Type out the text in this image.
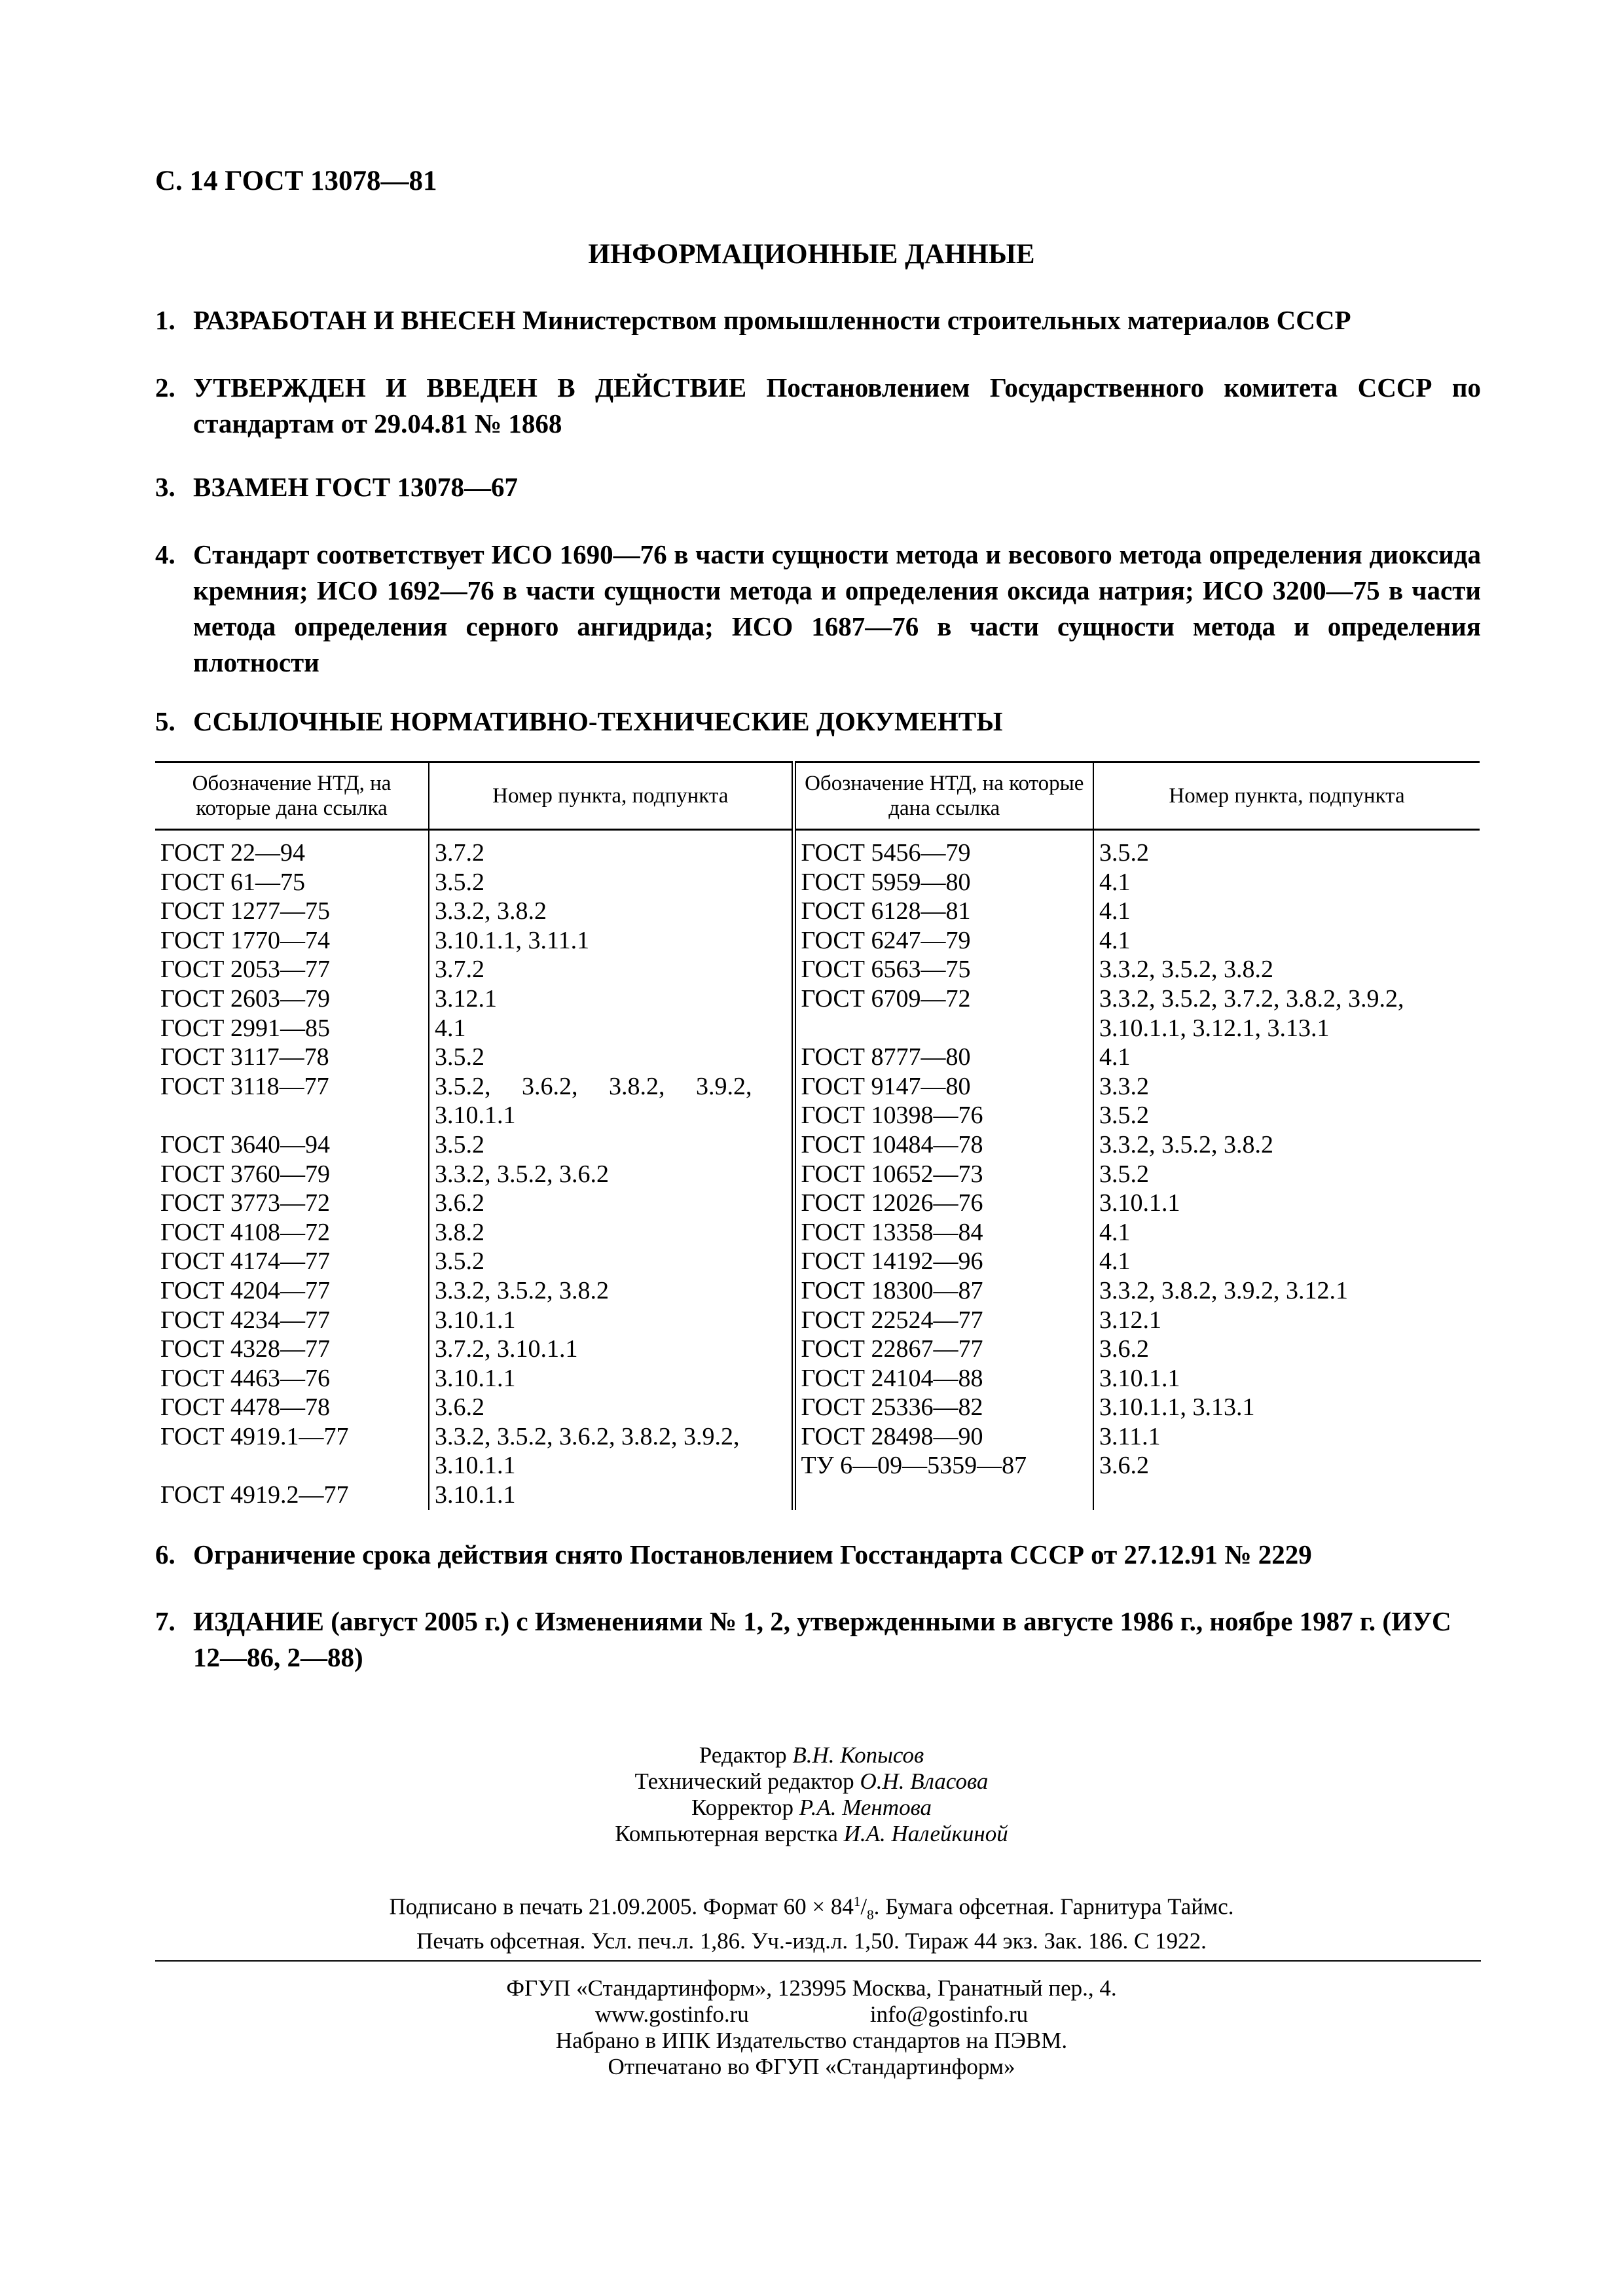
С. 14 ГОСТ 13078—81
ИНФОРМАЦИОННЫЕ ДАННЫЕ
1. РАЗРАБОТАН И ВНЕСЕН Министерством промышленности строительных материалов СССР
2. УТВЕРЖДЕН И ВВЕДЕН В ДЕЙСТВИЕ Постановлением Государственного комитета СССР по стандартам от 29.04.81 № 1868
3. ВЗАМЕН ГОСТ 13078—67
4. Стандарт соответствует ИСО 1690—76 в части сущности метода и весового метода определения диоксида кремния; ИСО 1692—76 в части сущности метода и определения оксида натрия; ИСО 3200—75 в части метода определения серного ангидрида; ИСО 1687—76 в части сущности метода и определения плотности
5. ССЫЛОЧНЫЕ НОРМАТИВНО-ТЕХНИЧЕСКИЕ ДОКУМЕНТЫ
Обозначение НТД, на которые дана ссылка	Номер пункта, подпункта	Обозначение НТД, на которые дана ссылка	Номер пункта, подпункта
ГОСТ 22—94	3.7.2	ГОСТ 5456—79	3.5.2
ГОСТ 61—75	3.5.2	ГОСТ 5959—80	4.1
ГОСТ 1277—75	3.3.2, 3.8.2	ГОСТ 6128—81	4.1
ГОСТ 1770—74	3.10.1.1, 3.11.1	ГОСТ 6247—79	4.1
ГОСТ 2053—77	3.7.2	ГОСТ 6563—75	3.3.2, 3.5.2, 3.8.2
ГОСТ 2603—79	3.12.1	ГОСТ 6709—72	3.3.2, 3.5.2, 3.7.2, 3.8.2, 3.9.2,
ГОСТ 2991—85	4.1		3.10.1.1, 3.12.1, 3.13.1
ГОСТ 3117—78	3.5.2	ГОСТ 8777—80	4.1
ГОСТ 3118—77	3.5.2,     3.6.2,     3.8.2,     3.9.2,	ГОСТ 9147—80	3.3.2
	3.10.1.1	ГОСТ 10398—76	3.5.2
ГОСТ 3640—94	3.5.2	ГОСТ 10484—78	3.3.2, 3.5.2, 3.8.2
ГОСТ 3760—79	3.3.2, 3.5.2, 3.6.2	ГОСТ 10652—73	3.5.2
ГОСТ 3773—72	3.6.2	ГОСТ 12026—76	3.10.1.1
ГОСТ 4108—72	3.8.2	ГОСТ 13358—84	4.1
ГОСТ 4174—77	3.5.2	ГОСТ 14192—96	4.1
ГОСТ 4204—77	3.3.2, 3.5.2, 3.8.2	ГОСТ 18300—87	3.3.2, 3.8.2, 3.9.2, 3.12.1
ГОСТ 4234—77	3.10.1.1	ГОСТ 22524—77	3.12.1
ГОСТ 4328—77	3.7.2, 3.10.1.1	ГОСТ 22867—77	3.6.2
ГОСТ 4463—76	3.10.1.1	ГОСТ 24104—88	3.10.1.1
ГОСТ 4478—78	3.6.2	ГОСТ 25336—82	3.10.1.1, 3.13.1
ГОСТ 4919.1—77	3.3.2, 3.5.2, 3.6.2, 3.8.2, 3.9.2,	ГОСТ 28498—90	3.11.1
	3.10.1.1	ТУ 6—09—5359—87	3.6.2
ГОСТ 4919.2—77	3.10.1.1		
6. Ограничение срока действия снято Постановлением Госстандарта СССР от 27.12.91 № 2229
7. ИЗДАНИЕ (август 2005 г.) с Изменениями № 1, 2, утвержденными в августе 1986 г., ноябре 1987 г. (ИУС 12—86, 2—88)
Редактор В.Н. Копысов
Технический редактор О.Н. Власова
Корректор Р.А. Ментова
Компьютерная верстка И.А. Налейкиной
Подписано в печать 21.09.2005. Формат $60 \times 84^1/_8$. Бумага офсетная. Гарнитура Таймс.
Печать офсетная. Усл. печ.л. 1,86. Уч.-изд.л. 1,50. Тираж 44 экз. Зак. 186. С 1922.
ФГУП «Стандартинформ», 123995 Москва, Гранатный пер., 4.
www.gostinfo.ru	info@gostinfo.ru
Набрано в ИПК Издательство стандартов на ПЭВМ.
Отпечатано во ФГУП «Стандартинформ»
